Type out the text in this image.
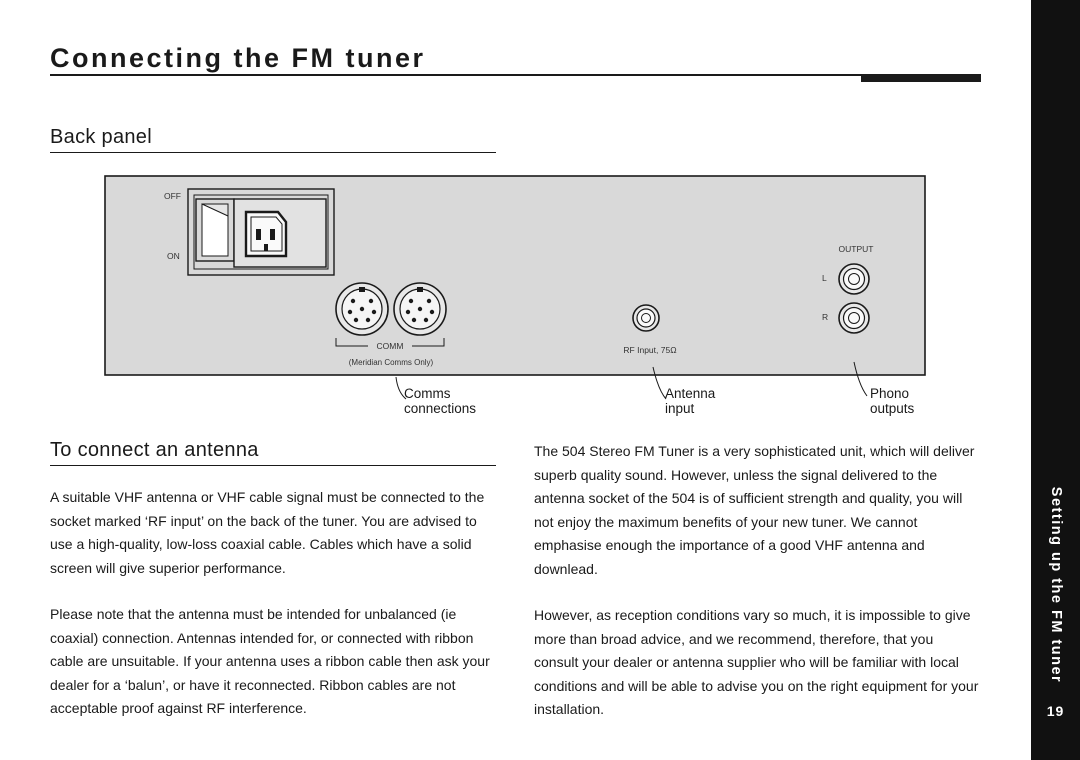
Connecting the FM tuner
Back panel
OFF
ON
COMM
(Meridian Comms Only)
RF Input, 75Ω
OUTPUT
L
R
Comms
connections
Antenna
input
Phono
outputs
To connect an antenna

A suitable VHF antenna or VHF cable signal must be connected to the socket marked ‘RF input’ on the back of the tuner. You are advised to use a high-quality, low-loss coaxial cable. Cables which have a solid screen will give superior performance.

Please note that the antenna must be intended for unbalanced (ie coaxial) connection. Antennas intended for, or connected with ribbon cable are unsuitable. If your antenna uses a ribbon cable then ask your dealer for a ‘balun’, or have it reconnected. Ribbon cables are not acceptable proof against RF interference.

The 504 Stereo FM Tuner is a very sophisticated unit, which will deliver superb quality sound. However, unless the signal delivered to the antenna socket of the 504 is of sufficient strength and quality, you will not enjoy the maximum benefits of your new tuner. We cannot emphasise enough the importance of a good VHF antenna and downlead.

However, as reception conditions vary so much, it is impossible to give more than broad advice, and we recommend, therefore, that you consult your dealer or antenna supplier who will be familiar with local conditions and will be able to advise you on the right equipment for your installation.

Setting up the FM tuner
19
